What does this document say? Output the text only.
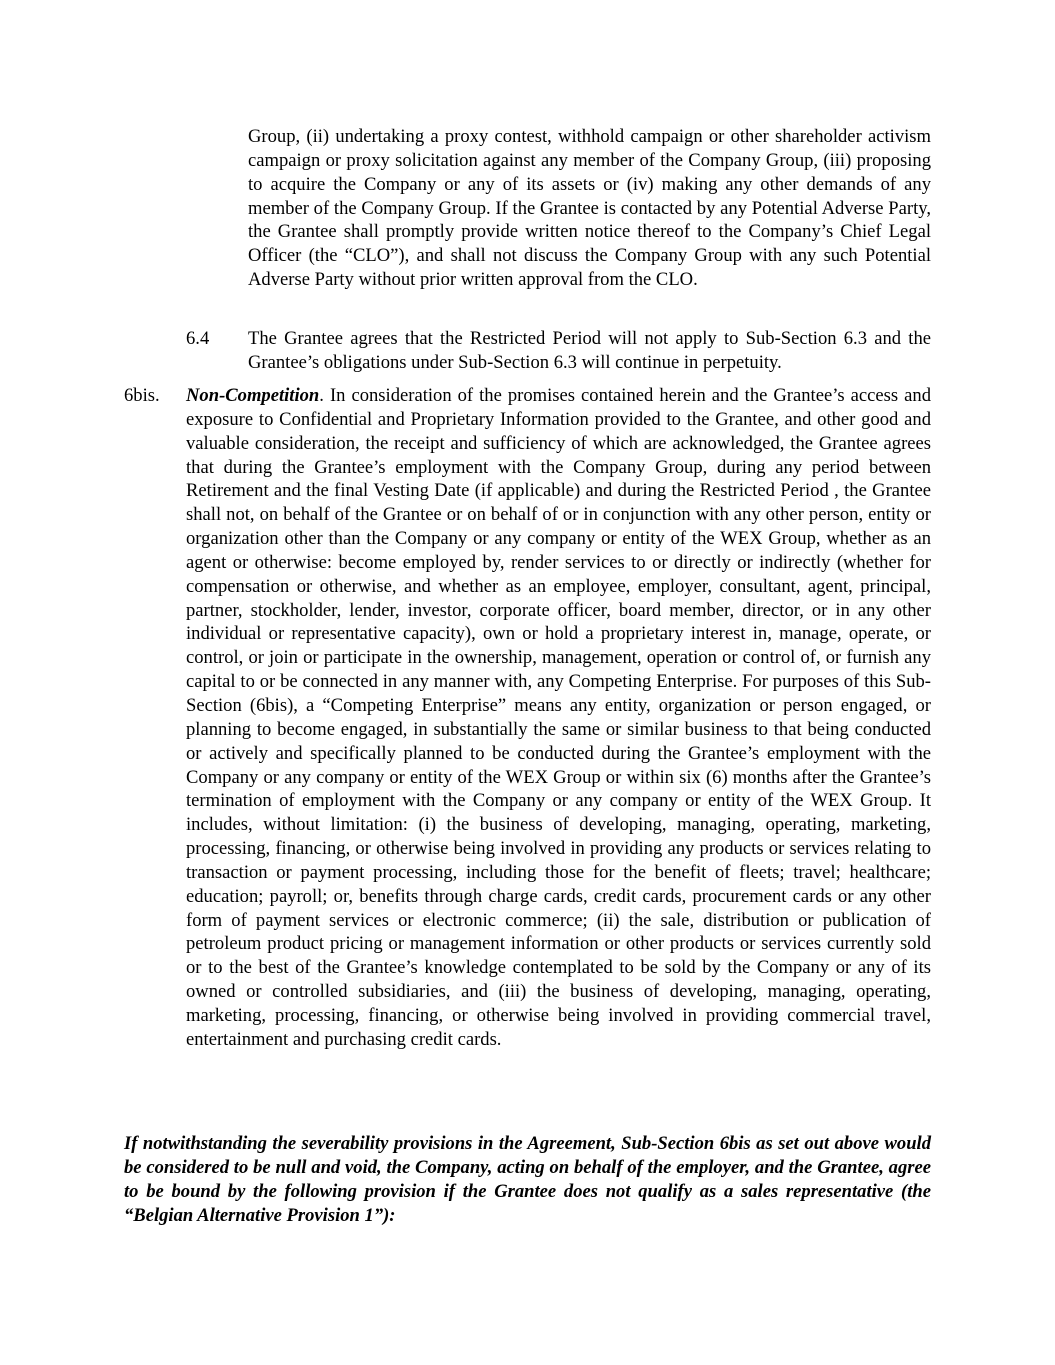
Group, (ii) undertaking a proxy contest, withhold campaign or other shareholder activism campaign or proxy solicitation against any member of the Company Group, (iii) proposing to acquire the Company or any of its assets or (iv) making any other demands of any member of the Company Group. If the Grantee is contacted by any Potential Adverse Party, the Grantee shall promptly provide written notice thereof to the Company’s Chief Legal Officer (the “CLO”), and shall not discuss the Company Group with any such Potential Adverse Party without prior written approval from the CLO.

6.4 The Grantee agrees that the Restricted Period will not apply to Sub-Section 6.3 and the Grantee’s obligations under Sub-Section 6.3 will continue in perpetuity.

6bis. Non-Competition. In consideration of the promises contained herein and the Grantee’s access and exposure to Confidential and Proprietary Information provided to the Grantee, and other good and valuable consideration, the receipt and sufficiency of which are acknowledged, the Grantee agrees that during the Grantee’s employment with the Company Group, during any period between Retirement and the final Vesting Date (if applicable) and during the Restricted Period , the Grantee shall not, on behalf of the Grantee or on behalf of or in conjunction with any other person, entity or organization other than the Company or any company or entity of the WEX Group, whether as an agent or otherwise: become employed by, render services to or directly or indirectly (whether for compensation or otherwise, and whether as an employee, employer, consultant, agent, principal, partner, stockholder, lender, investor, corporate officer, board member, director, or in any other individual or representative capacity), own or hold a proprietary interest in, manage, operate, or control, or join or participate in the ownership, management, operation or control of, or furnish any capital to or be connected in any manner with, any Competing Enterprise. For purposes of this Sub-Section (6bis), a “Competing Enterprise” means any entity, organization or person engaged, or planning to become engaged, in substantially the same or similar business to that being conducted or actively and specifically planned to be conducted during the Grantee’s employment with the Company or any company or entity of the WEX Group or within six (6) months after the Grantee’s termination of employment with the Company or any company or entity of the WEX Group. It includes, without limitation: (i) the business of developing, managing, operating, marketing, processing, financing, or otherwise being involved in providing any products or services relating to transaction or payment processing, including those for the benefit of fleets; travel; healthcare; education; payroll; or, benefits through charge cards, credit cards, procurement cards or any other form of payment services or electronic commerce; (ii) the sale, distribution or publication of petroleum product pricing or management information or other products or services currently sold or to the best of the Grantee’s knowledge contemplated to be sold by the Company or any of its owned or controlled subsidiaries, and (iii) the business of developing, managing, operating, marketing, processing, financing, or otherwise being involved in providing commercial travel, entertainment and purchasing credit cards.

If notwithstanding the severability provisions in the Agreement, Sub-Section 6bis as set out above would be considered to be null and void, the Company, acting on behalf of the employer, and the Grantee, agree to be bound by the following provision if the Grantee does not qualify as a sales representative (the “Belgian Alternative Provision 1”):
